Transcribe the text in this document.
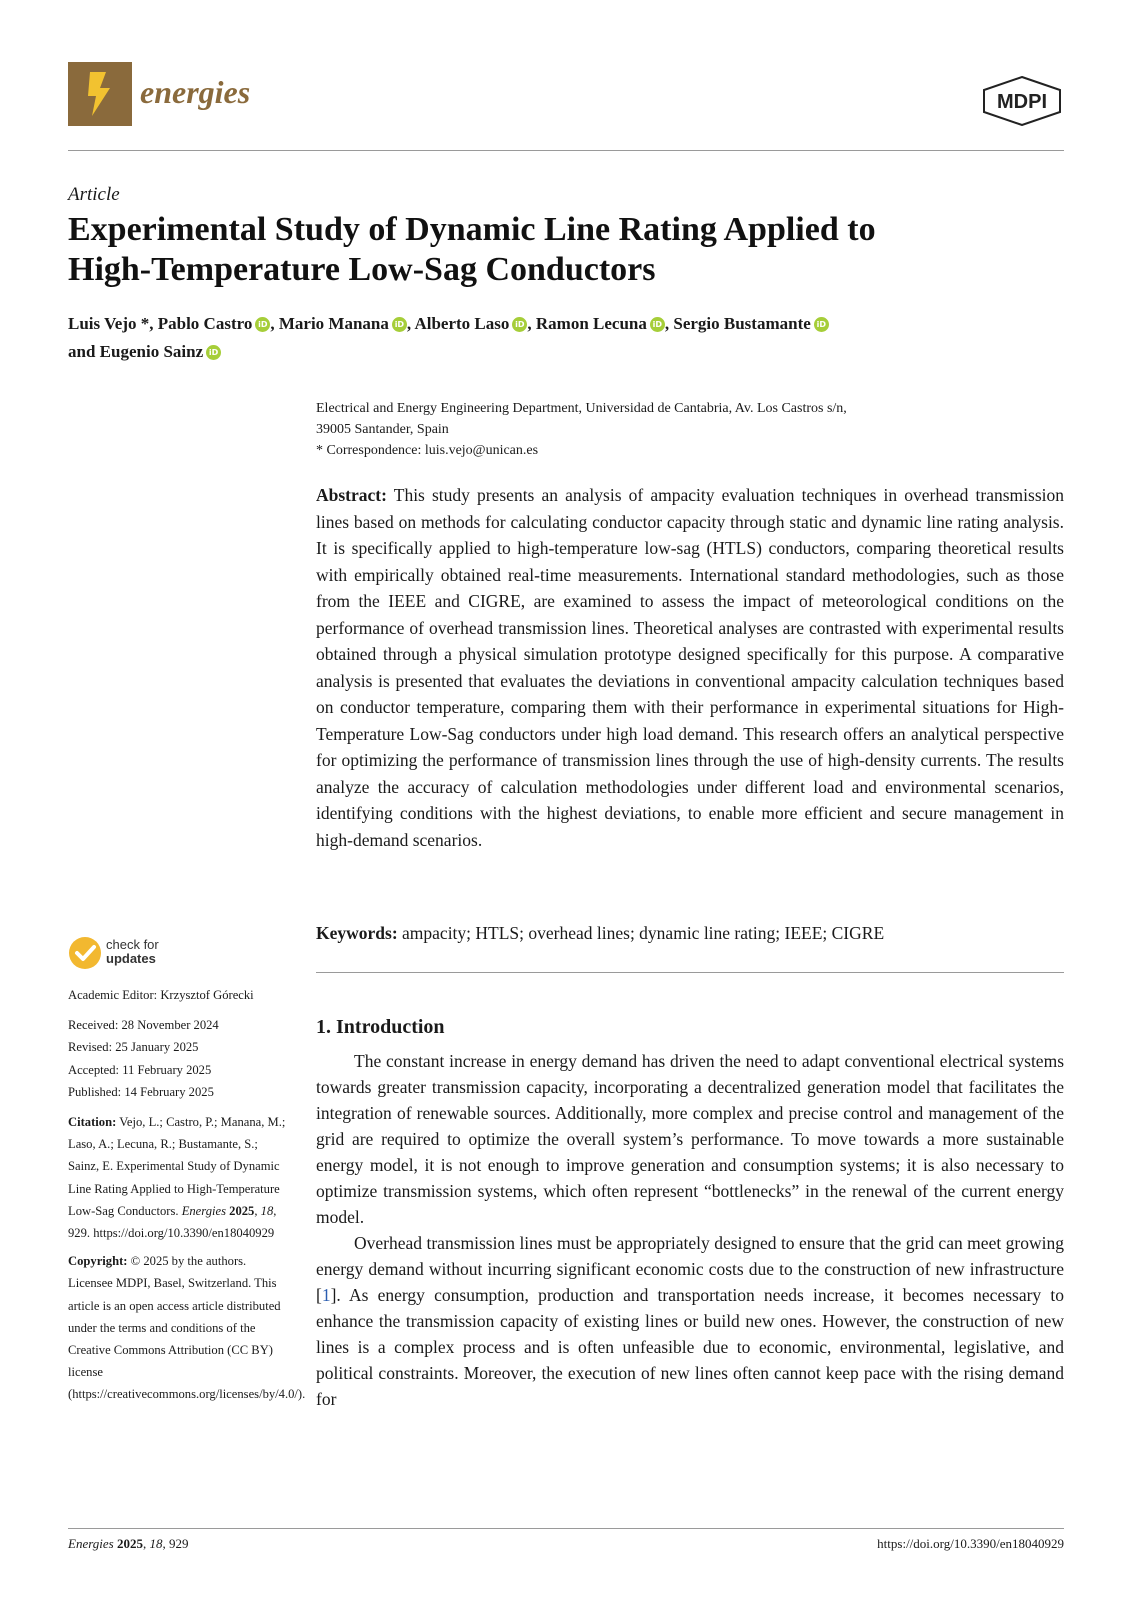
energies	MDPI
Article
Experimental Study of Dynamic Line Rating Applied to
High-Temperature Low-Sag Conductors
Luis Vejo *, Pablo Castro iD , Mario Manana iD , Alberto Laso iD , Ramon Lecuna iD , Sergio Bustamante iD
and Eugenio Sainz iD
Electrical and Energy Engineering Department, Universidad de Cantabria, Av. Los Castros s/n,
39005 Santander, Spain
* Correspondence: luis.vejo@unican.es

Abstract: This study presents an analysis of ampacity evaluation techniques in overhead transmission lines based on methods for calculating conductor capacity through static and dynamic line rating analysis. It is specifically applied to high-temperature low-sag (HTLS) conductors, comparing theoretical results with empirically obtained real-time measurements. International standard methodologies, such as those from the IEEE and CIGRE, are examined to assess the impact of meteorological conditions on the performance of overhead transmission lines. Theoretical analyses are contrasted with experimental results obtained through a physical simulation prototype designed specifically for this purpose. A comparative analysis is presented that evaluates the deviations in conventional ampacity calculation techniques based on conductor temperature, comparing them with their performance in experimental situations for High-Temperature Low-Sag conductors under high load demand. This research offers an analytical perspective for optimizing the performance of transmission lines through the use of high-density currents. The results analyze the accuracy of calculation methodologies under different load and environmental scenarios, identifying conditions with the highest deviations, to enable more efficient and secure management in high-demand scenarios.

Keywords: ampacity; HTLS; overhead lines; dynamic line rating; IEEE; CIGRE

check for
updates

Academic Editor: Krzysztof Górecki

Received: 28 November 2024
Revised: 25 January 2025
Accepted: 11 February 2025

Published: 14 February 2025

Citation: Vejo, L.; Castro, P.; Manana, M.; Laso, A.; Lecuna, R.; Bustamante, S.; Sainz, E. Experimental Study of Dynamic Line Rating Applied to High-Temperature Low-Sag Conductors. Energies 2025, 18, 929. https://doi.org/10.3390/en18040929

Copyright: © 2025 by the authors. Licensee MDPI, Basel, Switzerland. This article is an open access article distributed under the terms and conditions of the Creative Commons Attribution (CC BY) license (https://creativecommons.org/licenses/by/4.0/).

1. Introduction

The constant increase in energy demand has driven the need to adapt conventional electrical systems towards greater transmission capacity, incorporating a decentralized generation model that facilitates the integration of renewable sources. Additionally, more complex and precise control and management of the grid are required to optimize the overall system’s performance. To move towards a more sustainable energy model, it is not enough to improve generation and consumption systems; it is also necessary to optimize transmission systems, which often represent “bottlenecks” in the renewal of the current energy model.

Overhead transmission lines must be appropriately designed to ensure that the grid can meet growing energy demand without incurring significant economic costs due to the construction of new infrastructure [1]. As energy consumption, production and transportation needs increase, it becomes necessary to enhance the transmission capacity of existing lines or build new ones. However, the construction of new lines is a complex process and is often unfeasible due to economic, environmental, legislative, and political constraints. Moreover, the execution of new lines often cannot keep pace with the rising demand for

Energies 2025, 18, 929	https://doi.org/10.3390/en18040929
